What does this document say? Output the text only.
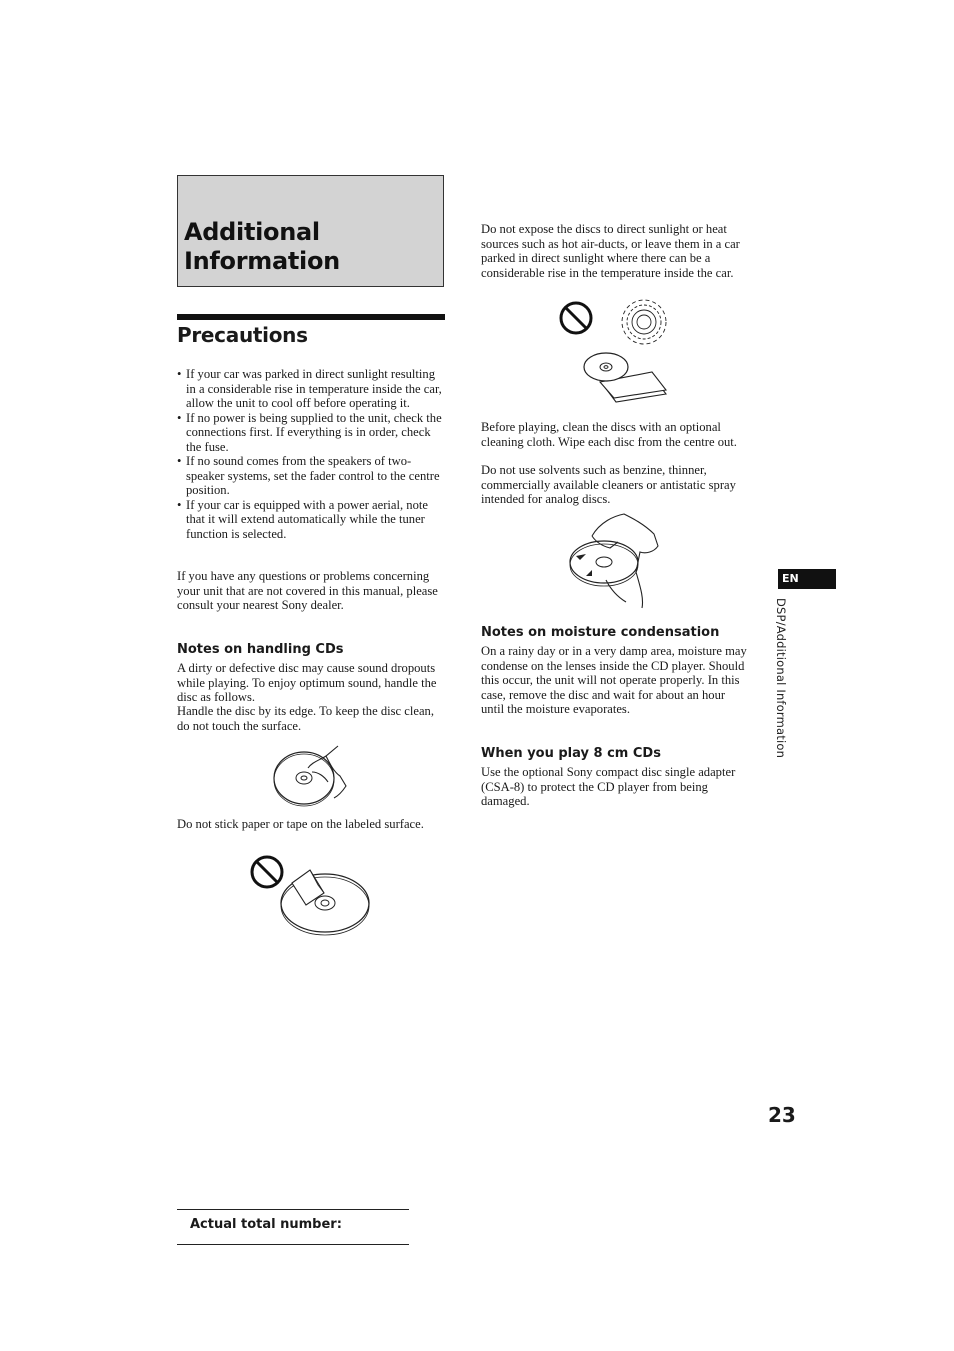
Additional
Information
Precautions
• If your car was parked in direct sunlight resulting in a considerable rise in temperature inside the car, allow the unit to cool off before operating it.
• If no power is being supplied to the unit, check the connections first. If everything is in order, check the fuse.
• If no sound comes from the speakers of two-speaker systems, set the fader control to the centre position.
• If your car is equipped with a power aerial, note that it will extend automatically while the tuner function is selected.

If you have any questions or problems concerning your unit that are not covered in this manual, please consult your nearest Sony dealer.

Notes on handling CDs

A dirty or defective disc may cause sound dropouts while playing. To enjoy optimum sound, handle the disc as follows.

Handle the disc by its edge. To keep the disc clean, do not touch the surface.

Do not stick paper or tape on the labeled surface.

Do not expose the discs to direct sunlight or heat sources such as hot air-ducts, or leave them in a car parked in direct sunlight where there can be a considerable rise in the temperature inside the car.

Before playing, clean the discs with an optional cleaning cloth. Wipe each disc from the centre out.

Do not use solvents such as benzine, thinner, commercially available cleaners or antistatic spray intended for analog discs.

Notes on moisture condensation

On a rainy day or in a very damp area, moisture may condense on the lenses inside the CD player. Should this occur, the unit will not operate properly. In this case, remove the disc and wait for about an hour until the moisture evaporates.

When you play 8 cm CDs

Use the optional Sony compact disc single adapter (CSA-8) to protect the CD player from being damaged.

EN
DSP/Additional Information
23
Actual total number:
